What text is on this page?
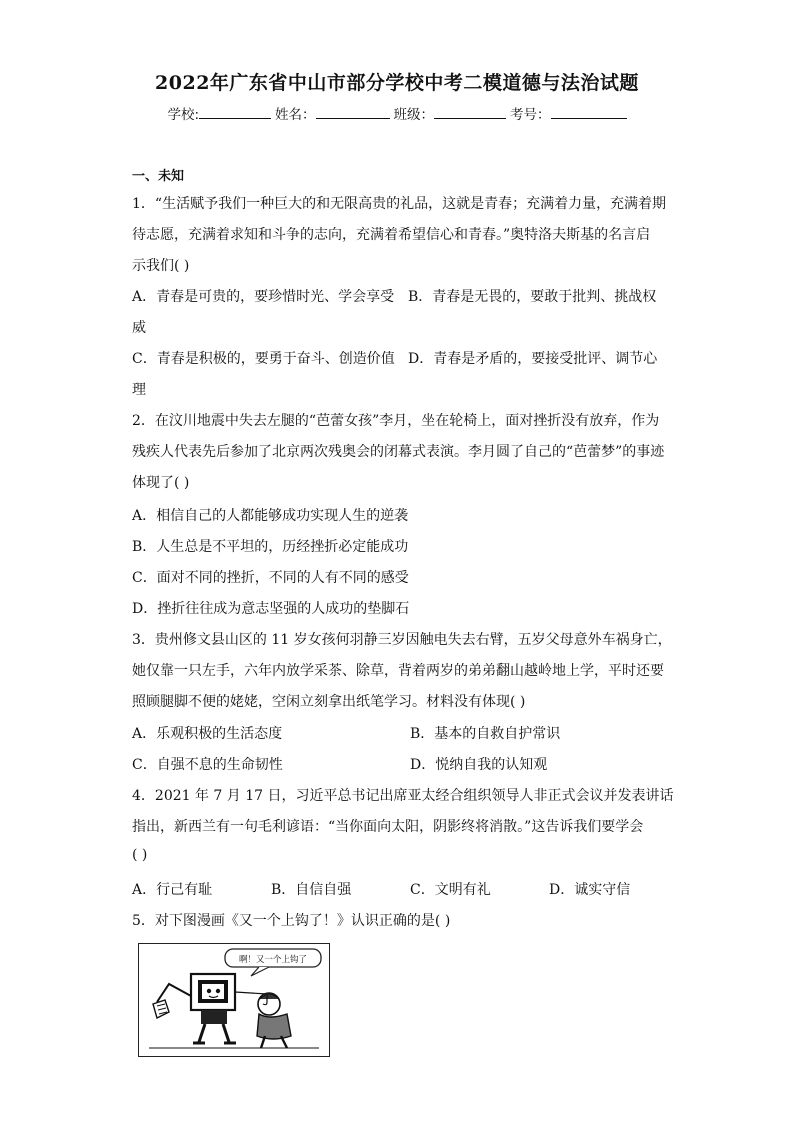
2022年广东省中山市部分学校中考二模道德与法治试题
学校:	姓名：	班级：	考号：
一、未知
1．“生活赋予我们一种巨大的和无限高贵的礼品，这就是青春；充满着力量，充满着期
待志愿，充满着求知和斗争的志向，充满着希望信心和青春。”奥特洛夫斯基的名言启
示我们( )
A．青春是可贵的，要珍惜时光、学会享受 B．青春是无畏的，要敢于批判、挑战权
威
C．青春是积极的，要勇于奋斗、创造价值 D．青春是矛盾的，要接受批评、调节心
理
2．在汶川地震中失去左腿的“芭蕾女孩”李月，坐在轮椅上，面对挫折没有放弃，作为
残疾人代表先后参加了北京两次残奥会的闭幕式表演。李月圆了自己的“芭蕾梦”的事迹
体现了( )
A．相信自己的人都能够成功实现人生的逆袭
B．人生总是不平坦的，历经挫折必定能成功
C．面对不同的挫折，不同的人有不同的感受
D．挫折往往成为意志坚强的人成功的垫脚石
3．贵州修文县山区的 11 岁女孩何羽静三岁因触电失去右臂，五岁父母意外车祸身亡，
她仅靠一只左手，六年内放学采茶、除草，背着两岁的弟弟翻山越岭地上学，平时还要
照顾腿脚不便的姥姥，空闲立刻拿出纸笔学习。材料没有体现( )
A．乐观积极的生活态度	B．基本的自救自护常识
C．自强不息的生命韧性	D．悦纳自我的认知观
4．2021 年 7 月 17 日，习近平总书记出席亚太经合组织领导人非正式会议并发表讲话
指出，新西兰有一句毛利谚语：“当你面向太阳，阴影终将消散。”这告诉我们要学会
( )
A．行己有耻	B．自信自强	C．文明有礼	D．诚实守信
5．对下图漫画《又一个上钩了！》认识正确的是( )
啊！又一个上钩了
